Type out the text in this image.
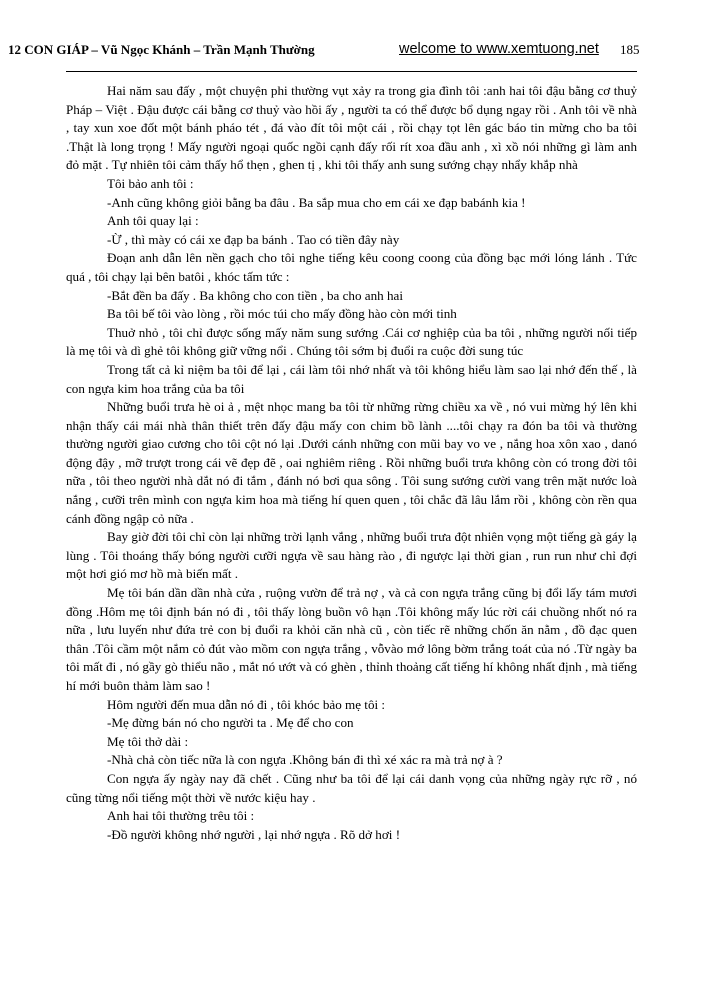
12 CON GIÁP – Vũ Ngọc Khánh – Trần Mạnh Thường	welcome to www.xemtuong.net 185

Hai năm sau đấy , một chuyện phi thường vụt xảy ra trong gia đình tôi :anh hai tôi đậu bằng cơ thuỷ Pháp – Việt . Đậu được cái bằng cơ thuỷ vào hồi ấy , người ta có thể được bổ dụng ngay rồi . Anh tôi về nhà , tay xun xoe đốt một bánh pháo tét , đá vào đít tôi một cái , rồi chạy tọt lên gác báo tin mừng cho ba tôi .Thật là long trọng ! Mấy người ngoại quốc ngồi cạnh đấy rối rít xoa đầu anh , xì xồ nói những gì làm anh đỏ mặt . Tự nhiên tôi cảm thấy hổ thẹn , ghen tị , khi tôi thấy anh sung sướng chạy nhẩy khắp nhà

Tôi bảo anh tôi :

-Anh cũng không giỏi bằng ba đâu . Ba sắp mua cho em cái xe đạp babánh kia !

Anh tôi quay lại :

-Ừ , thì mày có cái xe đạp ba bánh . Tao có tiền đây này

Đoạn anh dẫn lên nền gạch cho tôi nghe tiếng kêu coong coong của đồng bạc mới lóng lánh . Tức quá , tôi chạy lại bên batôi , khóc tấm tức :

-Bắt đền ba đấy . Ba không cho con tiền , ba cho anh hai

Ba tôi bế tôi vào lòng , rồi móc túi cho mấy đồng hào còn mới tinh

Thuở nhỏ , tôi chỉ được sống mấy năm sung sướng .Cái cơ nghiệp của ba tôi , những người nối tiếp là mẹ tôi và dì ghẻ tôi không giữ vững nổi . Chúng tôi sớm bị đuổi ra cuộc đời sung túc

Trong tất cả kỉ niệm ba tôi để lại , cái làm tôi nhớ nhất và tôi không hiểu làm sao lại nhớ đến thế , là con ngựa kim hoa trắng của ba tôi

Những buổi trưa hè oi ả , mệt nhọc mang ba tôi từ những rừng chiều xa về , nó vui mừng hý lên khi nhận thấy cái mái nhà thân thiết trên đấy đậu mấy con chim bồ lành ....tôi chạy ra đón ba tôi và thường thường người giao cương cho tôi cột nó lại .Dưới cánh những con mũi bay vo ve , nắng hoa xôn xao , danó động đậy , mỡ trượt trong cái vẽ đẹp đẽ , oai nghiêm riêng . Rồi những buổi trưa không còn có trong đời tôi nữa , tôi theo người nhà dắt nó đi tắm , đánh nó bơi qua sông . Tôi sung sướng cười vang trên mặt nước loà nắng , cưỡi trên mình con ngựa kim hoa mà tiếng hí quen quen , tôi chắc đã lâu lắm rồi , không còn rền qua cánh đồng ngập cỏ nữa .

Bay giờ đời tôi chỉ còn lại những trời lạnh vắng , những buổi trưa đột nhiên vọng một tiếng gà gáy lạ lùng . Tôi thoáng thấy bóng người cưỡi ngựa về sau hàng rào , đi ngược lại thời gian , run run như chỉ đợi một hơi gió mơ hồ mà biến mất .

Mẹ tôi bán dần dần nhà cửa , ruộng vườn để trả nợ , và cả con ngựa trắng cũng bị đổi lấy tám mươi đồng .Hôm mẹ tôi định bán nó đi , tôi thấy lòng buồn vô hạn .Tôi không mấy lúc rời cái chuồng nhốt nó ra nữa , lưu luyến như đứa trẻ con bị đuổi ra khỏi căn nhà cũ , còn tiếc rẽ những chốn ăn nằm , đồ đạc quen thân .Tôi cầm một nắm cỏ đút vào mồm con ngựa trắng , vỗvào mớ lông bờm trắng toát của nó .Từ ngày ba tôi mất đi , nó gầy gò thiểu não , mắt nó ướt và có ghèn , thỉnh thoảng cất tiếng hí không nhất định , mà tiếng hí mới buôn thảm làm sao !

Hôm người đến mua dẫn nó đi , tôi khóc bảo mẹ tôi :

-Mẹ đừng bán nó cho người ta . Mẹ để cho con

Mẹ tôi thở dài :

-Nhà chả còn tiếc nữa là con ngựa .Không bán đi thì xé xác ra mà trả nợ à ?

Con ngựa ấy ngày nay đã chết . Cũng như ba tôi để lại cái danh vọng của những ngày rực rỡ , nó cũng từng nổi tiếng một thời về nước kiệu hay .

Anh hai tôi thường trêu tôi :

-Đồ người không nhớ người , lại nhớ ngựa . Rõ dở hơi !
